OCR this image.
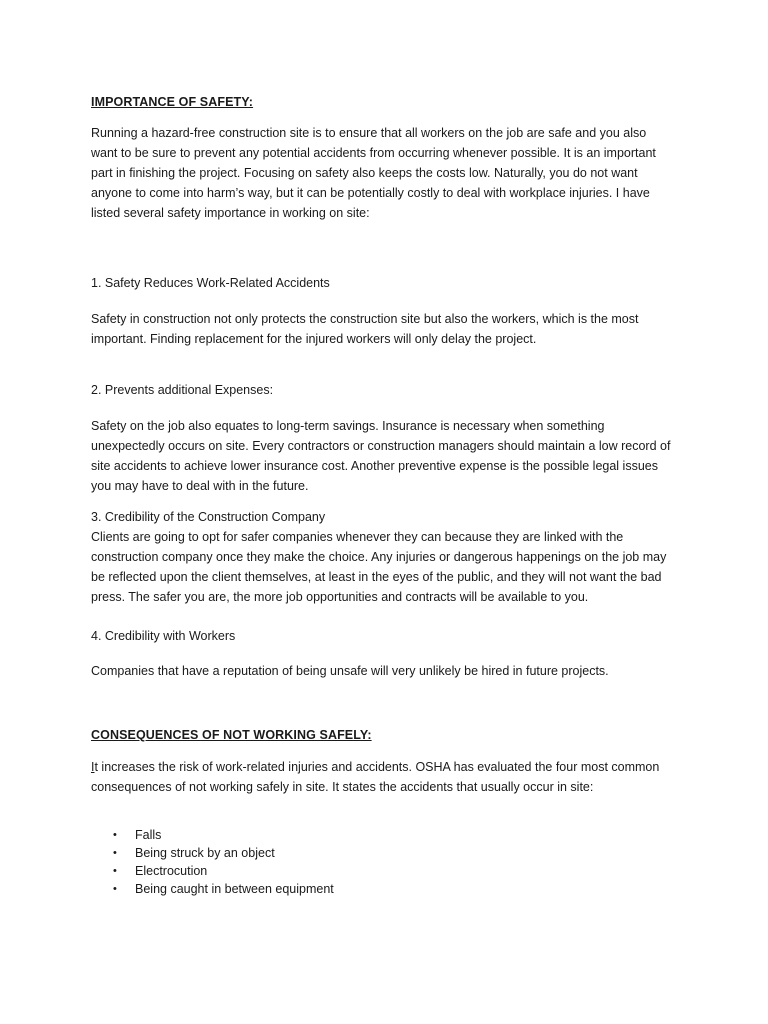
IMPORTANCE OF SAFETY:

Running a hazard-free construction site is to ensure that all workers on the job are safe and you also want to be sure to prevent any potential accidents from occurring whenever possible. It is an important part in finishing the project. Focusing on safety also keeps the costs low. Naturally, you do not want anyone to come into harm’s way, but it can be potentially costly to deal with workplace injuries. I have listed several safety importance in working on site:

1. Safety Reduces Work-Related Accidents

Safety in construction not only protects the construction site but also the workers, which is the most important. Finding replacement for the injured workers will only delay the project.

2. Prevents additional Expenses:

Safety on the job also equates to long-term savings. Insurance is necessary when something unexpectedly occurs on site. Every contractors or construction managers should maintain a low record of site accidents to achieve lower insurance cost. Another preventive expense is the possible legal issues you may have to deal with in the future.

3. Credibility of the Construction Company

Clients are going to opt for safer companies whenever they can because they are linked with the construction company once they make the choice. Any injuries or dangerous happenings on the job may be reflected upon the client themselves, at least in the eyes of the public, and they will not want the bad press. The safer you are, the more job opportunities and contracts will be available to you.

4. Credibility with Workers

Companies that have a reputation of being unsafe will very unlikely be hired in future projects.

CONSEQUENCES OF NOT WORKING SAFELY:

It increases the risk of work-related injuries and accidents. OSHA has evaluated the four most common consequences of not working safely in site. It states the accidents that usually occur in site:

• Falls
• Being struck by an object
• Electrocution
• Being caught in between equipment
